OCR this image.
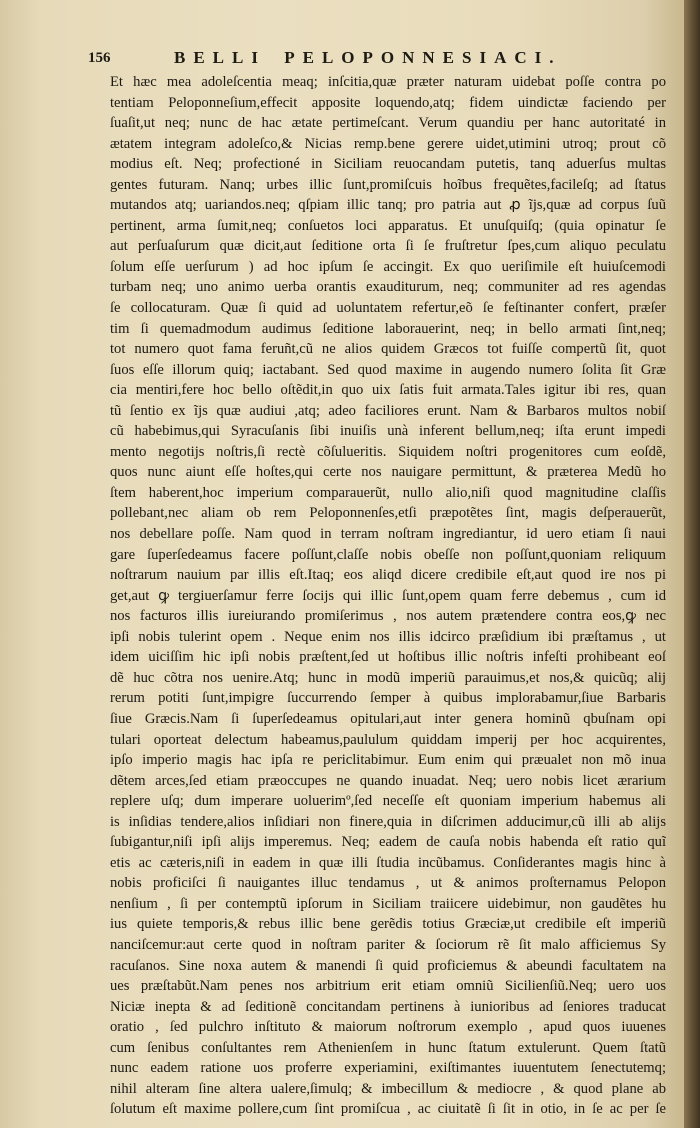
156	BELLI PELOPONNESIACI.
Et hæc mea adoleſcentia meaq; inſcitia,quæ præter naturam uidebat poſſe contra po
tentiam Peloponneſium,effecit apposite loquendo,atq; fidem uindictæ faciendo per
ſuaſit,ut neq; nunc de hac ætate pertimeſcant. Verum quandiu per hanc autoritaté in
ætatem integram adoleſco,& Nicias remp.bene gerere uidet,utimini utroq; prout cõ
modius eſt. Neq; profectioné in Siciliam reuocandam putetis, tanq aduerſus multas
gentes futuram. Nanq; urbes illic ſunt,promiſcuis hoĩbus frequẽtes,facileſq; ad ſtatus
mutandos atq; uariandos.neq; qſpiam illic tanq; pro patria aut ꝓ ĩjs,quæ ad corpus ſuũ
pertinent, arma ſumit,neq; conſuetos loci apparatus. Et unuſquiſq; (quia opinatur ſe
aut perſuaſurum quæ dicit,aut ſeditione orta ſi ſe fruſtretur ſpes,cum aliquo peculatu
ſolum eſſe uerſurum ) ad hoc ipſum ſe accingit. Ex quo ueriſimile eſt huiuſcemodi
turbam neq; uno animo uerba orantis exauditurum, neq; communiter ad res agendas
ſe collocaturam. Quæ ſi quid ad uoluntatem refertur,eõ ſe feſtinanter confert, præſer
tim ſi quemadmodum audimus ſeditione laborauerint, neq; in bello armati ſint,neq;
tot numero quot fama feruñt,cũ ne alios quidem Græcos tot fuiſſe compertũ ſit, quot
ſuos eſſe illorum quiq; iactabant. Sed quod maxime in augendo numero ſolita ſit Græ
cia mentiri,fere hoc bello oſtẽdit,in quo uix ſatis fuit armata.Tales igitur ibi res, quan
tũ ſentio ex ĩjs quæ audiui ,atq; adeo faciliores erunt. Nam & Barbaros multos nobiſ
cũ habebimus,qui Syracuſanis ſibi inuiſis unà inferent bellum,neq; iſta erunt impedi
mento negotijs noſtris,ſi rectè cõſulueritis. Siquidem noſtri progenitores cum eoſdẽ,
quos nunc aiunt eſſe hoſtes,qui certe nos nauigare permittunt, & præterea Medũ ho
ſtem haberent,hoc imperium comparauerũt, nullo alio,niſi quod magnitudine claſſis
pollebant,nec aliam ob rem Peloponnenſes,etſi præpotẽtes ſint, magis deſperauerũt,
nos debellare poſſe. Nam quod in terram noſtram ingrediantur, id uero etiam ſi naui
gare ſuperſedeamus facere poſſunt,claſſe nobis obeſſe non poſſunt,quoniam reliquum
noſtrarum nauium par illis eſt.Itaq; eos aliqd dicere credibile eſt,aut quod ire nos pi
get,aut ꝙ tergiuerſamur ferre ſocijs qui illic ſunt,opem quam ferre debemus , cum id
nos facturos illis iureiurando promiſerimus , nos autem prætendere contra eos,ꝙ nec
ipſi nobis tulerint opem . Neque enim nos illis idcirco præſidium ibi præſtamus , ut
idem uiciſſim hic ipſi nobis præſtent,ſed ut hoſtibus illic noſtris infeſti prohibeant eoſ
dẽ huc cõtra nos uenire.Atq; hunc in modũ imperiũ parauimus,et nos,& quicũq; alij
rerum potiti ſunt,impigre ſuccurrendo ſemper à quibus implorabamur,ſiue Barbaris
ſiue Græcis.Nam ſi ſuperſedeamus opitulari,aut inter genera hominũ qbuſnam opi
tulari oporteat delectum habeamus,paululum quiddam imperij per hoc acquirentes,
ipſo imperio magis hac ipſa re periclitabimur. Eum enim qui præualet non mõ inua
dẽtem arces,ſed etiam præoccupes ne quando inuadat. Neq; uero nobis licet ærarium
replere uſq; dum imperare uoluerimº,ſed neceſſe eſt quoniam imperium habemus ali
is inſidias tendere,alios inſidiari non finere,quia in diſcrimen adducimur,cũ illi ab alijs
ſubigantur,niſi ipſi alijs imperemus. Neq; eadem de cauſa nobis habenda eſt ratio quĩ
etis ac cæteris,niſi in eadem in quæ illi ſtudia incũbamus. Conſiderantes magis hinc à
nobis proficiſci ſi nauigantes illuc tendamus , ut & animos proſternamus Pelopon
nenſium , ſi per contemptũ ipſorum in Siciliam traiicere uidebimur, non gaudẽtes hu
ius quiete temporis,& rebus illic bene gerẽdis totius Græciæ,ut credibile eſt imperiũ
nanciſcemur:aut certe quod in noſtram pariter & ſociorum rẽ ſit malo afficiemus Sy
racuſanos. Sine noxa autem & manendi ſi quid proficiemus & abeundi facultatem na
ues præſtabũt.Nam penes nos arbitrium erit etiam omniũ Sicilienſiũ.Neq; uero uos
Niciæ inepta & ad ſeditionẽ concitandam pertinens à iunioribus ad ſeniores traducat
oratio , ſed pulchro inſtituto & maiorum noſtrorum exemplo , apud quos iuuenes
cum ſenibus conſultantes rem Athenienſem in hunc ſtatum extulerunt. Quem ſtatũ
nunc eadem ratione uos proferre experiamini, exiſtimantes iuuentutem ſenectutemq;
nihil alteram ſine altera ualere,ſimulq; & imbecillum & mediocre , & quod plane ab
ſolutum eſt maxime pollere,cum ſint promiſcua , ac ciuitatẽ ſi ſit in otio, in ſe ac per ſe
